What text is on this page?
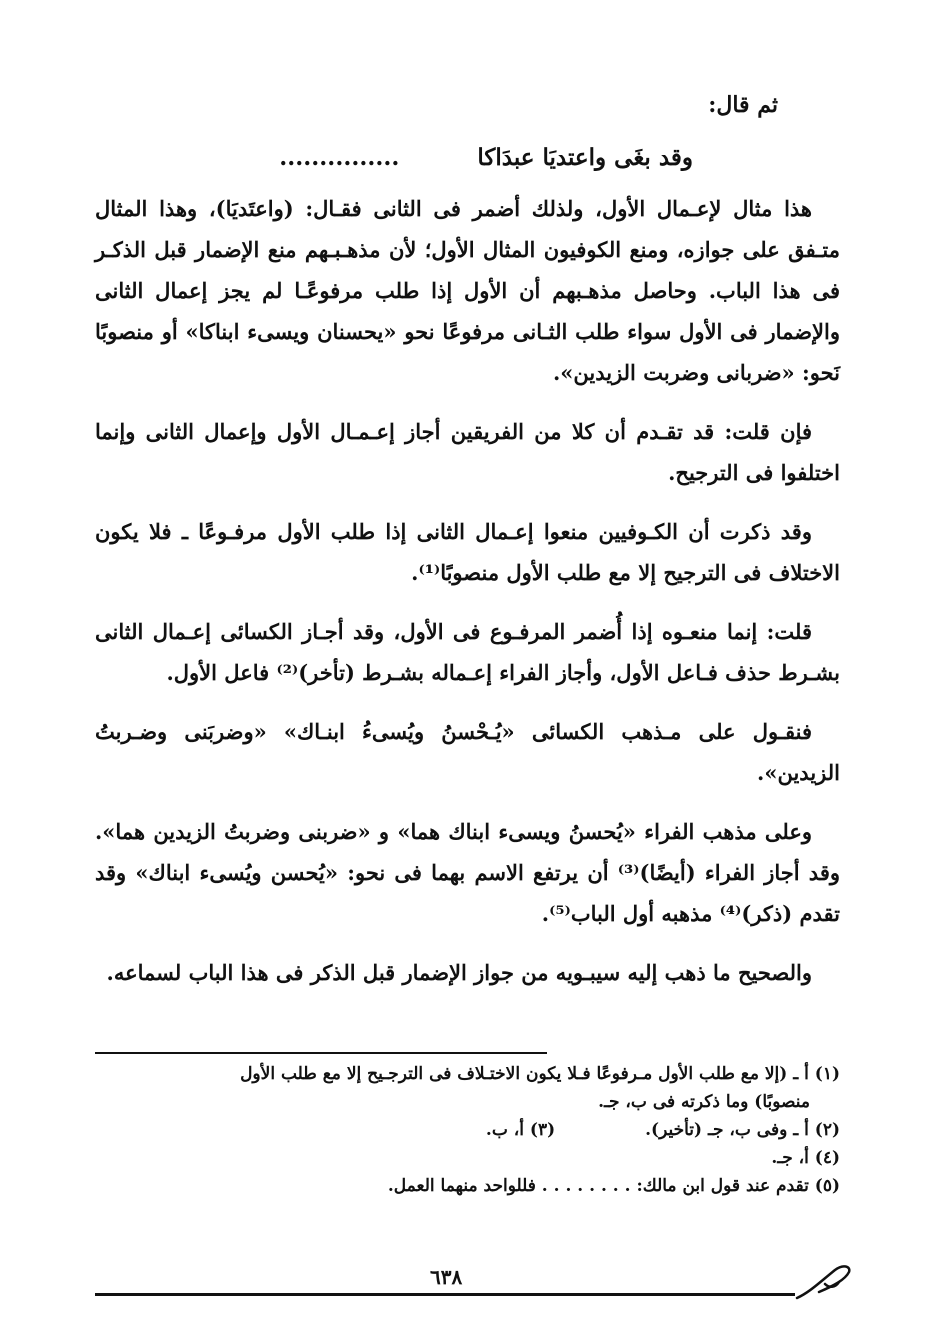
ثم قال:
وقد بغَى واعتديَا عبدَاكا ...............

هذا مثال لإعـمال الأول، ولذلك أضمر فى الثانى فقـال: (واعتَديَا)، وهذا المثال متـفق على جوازه، ومنع الكوفيون المثال الأول؛ لأن مذهـبـهم منع الإضمار قبل الذكـر فى هذا الباب. وحاصل مذهـبهم أن الأول إذا طلب مرفوعًـا لم يجز إعمال الثانى والإضمار فى الأول سواء طلب الثـانى مرفوعًا نحو «يحسنان ويسىء ابناكا» أو منصوبًا نَحو: «ضربانى وضربت الزيدين».

فإن قلت: قد تقـدم أن كلا من الفريقين أجاز إعـمـال الأول وإعمال الثانى وإنما اختلفوا فى الترجيح.

وقد ذكرت أن الكـوفيين منعوا إعـمال الثانى إذا طلب الأول مرفـوعًا ـ فلا يكون الاختلاف فى الترجيح إلا مع طلب الأول منصوبًا⁽¹⁾.

قلت: إنما منعـوه إذا أُضمر المرفـوع فى الأول، وقد أجـاز الكسائى إعـمال الثانى بشـرط حذف فـاعل الأول، وأجاز الفراء إعـماله بشـرط (تأخر)⁽²⁾ فاعل الأول.

فنقـول على مـذهب الكسائى «يُـحْسنُ ويُسىءُ ابنـاك» «وضربَنى وضـربتُ الزيدين».

وعلى مذهب الفراء «يُحسنُ ويسىء ابناك هما» و «ضربنى وضربتُ الزيدين هما». وقد أجاز الفراء (أيضًا)⁽³⁾ أن يرتفع الاسم بهما فى نحو: «يُحسن ويُسىء ابناك» وقد تقدم (ذكر)⁽⁴⁾ مذهبه أول الباب⁽⁵⁾.

والصحيح ما ذهب إليه سيبـويه من جواز الإضمار قبل الذكر فى هذا الباب لسماعه.

(١) أ ـ (إلا مع طلب الأول مـرفوعًا فـلا يكون الاختـلاف فى الترجـيح إلا مع طلب الأول
منصوبًا) وما ذكرته فى ب، جـ.
(٢) أ ـ وفى ب، جـ (تأخير).
(٣) أ، ب.
(٤) أ، جـ.
(٥) تقدم عند قول ابن مالك: . . . . . . . . فللواحد منهما العمل.
٦٣٨
